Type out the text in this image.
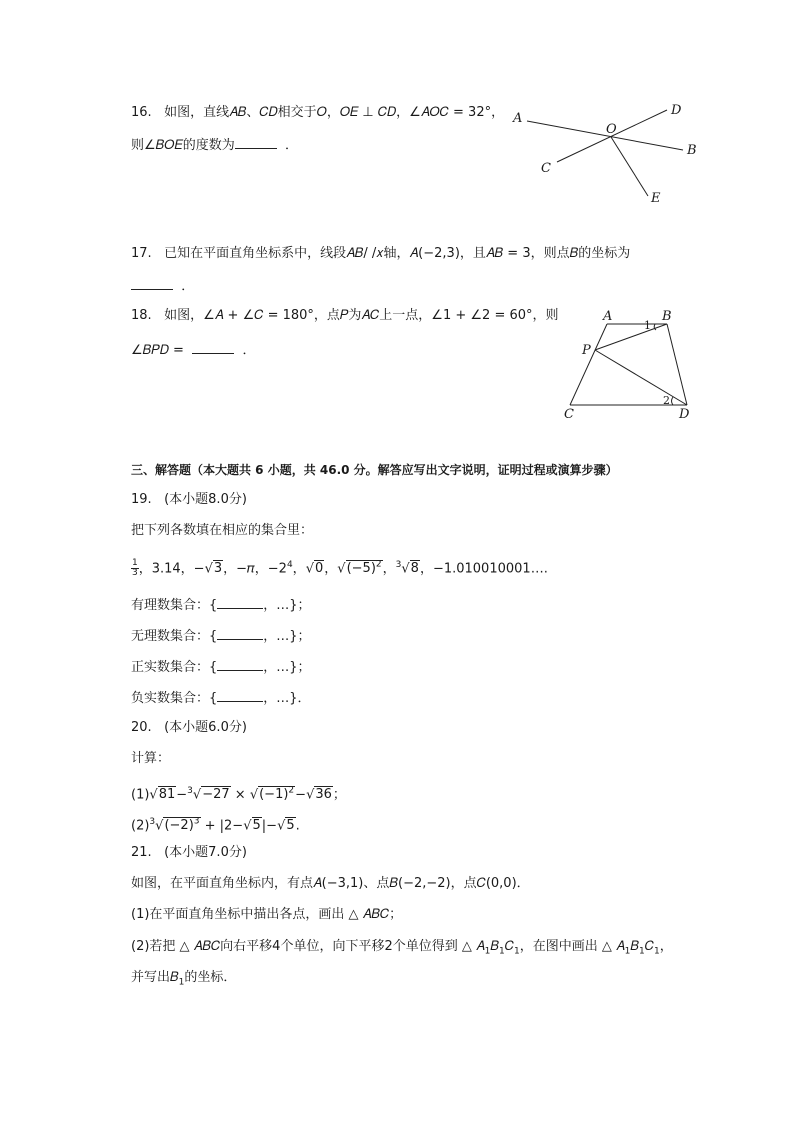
16. 如图，直线𝐴𝐵、𝐶𝐷相交于𝑂，𝑂𝐸 ⊥ 𝐶𝐷，∠𝐴𝑂𝐶 = 32°，
则∠𝐵𝑂𝐸的度数为	．
A
B
C
D
E
O
17. 已知在平面直角坐标系中，线段𝐴𝐵/ /𝑥轴，𝐴(−2,3)，且𝐴𝐵 = 3，则点𝐵的坐标为
．
18. 如图，∠𝐴 + ∠𝐶 = 180°，点𝑃为𝐴𝐶上一点，∠1 + ∠2 = 60°，则
∠𝐵𝑃𝐷 =	．
A	B
C	D
P
1
2
三、解答题（本大题共 6 小题，共 46.0 分。解答应写出文字说明，证明过程或演算步骤）
19. (本小题8.0分)
把下列各数填在相应的集合里：
$\frac{1}{3}$ ，3.14，−√3，−𝜋，$-2^4$，√0，$√(-5)^2$，$^3$√8，−1.010010001….
有理数集合：{	，…}；
无理数集合：{	，…}；
正实数集合：{	，…}；
负实数集合：{	，…}．
20. (本小题6.0分)
计算：
$(1)√81-^3√-27 \times √(-1)^2-√36$；
$(2)^3√(-2)^3 + |2-√5|-√5$.
21. (本小题7.0分)
如图，在平面直角坐标内，有点𝐴(−3,1)、点𝐵(−2,−2)，点𝐶(0,0)．
(1)在平面直角坐标中描出各点，画出 △ 𝐴𝐵𝐶；
(2)若把 △ 𝐴𝐵𝐶向右平移4个单位，向下平移2个单位得到 △ 𝐴$_1$𝐵$_1$𝐶$_1$，在图中画出 △ 𝐴$_1$𝐵$_1$𝐶$_1$，
并写出𝐵$_1$的坐标．
